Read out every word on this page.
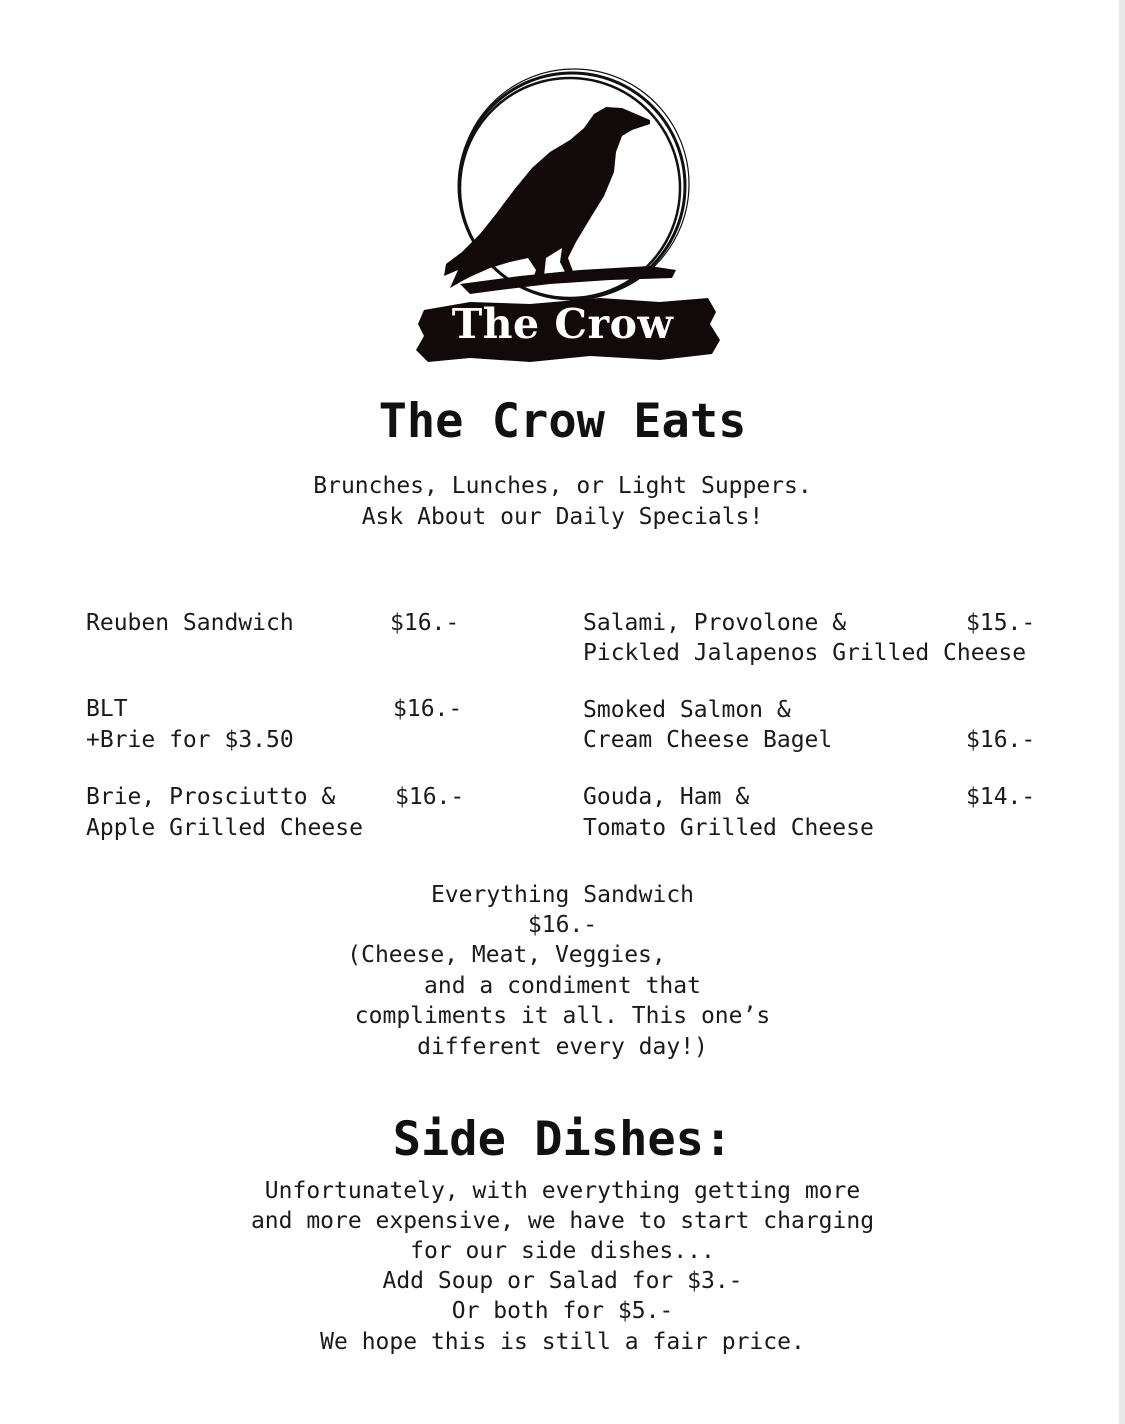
The Crow
The Crow Eats
Brunches, Lunches, or Light Suppers.
Ask About our Daily Specials!
Reuben Sandwich	$16.-
BLT
+Brie for $3.50
$16.-
Brie, Prosciutto &
Apple Grilled Cheese
$16.-
Salami, Provolone &
Pickled Jalapenos Grilled Cheese
$15.-
Smoked Salmon &
Cream Cheese Bagel	$16.-
Gouda, Ham &
Tomato Grilled Cheese
$14.-
Everything Sandwich
$16.-
(Cheese, Meat, Veggies,
and a condiment that
compliments it all. This one’s
different every day!)
Side Dishes:
Unfortunately, with everything getting more
and more expensive, we have to start charging
for our side dishes...
Add Soup or Salad for $3.-
Or both for $5.-
We hope this is still a fair price.
